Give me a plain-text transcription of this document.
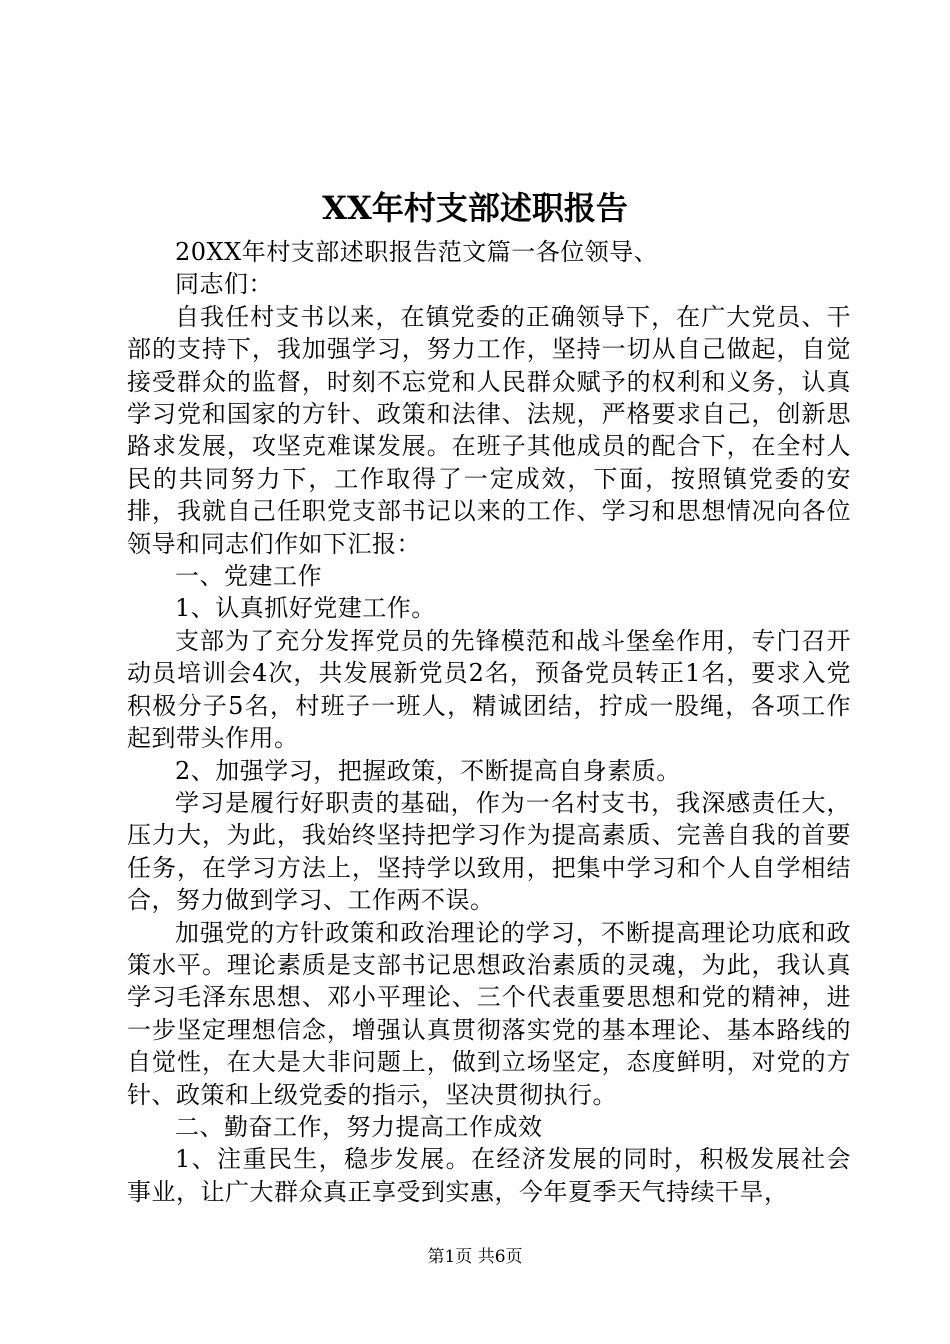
XX年村支部述职报告

20XX年村支部述职报告范文篇一各位领导、

同志们：

自我任村支书以来，在镇党委的正确领导下，在广大党员、干部的支持下，我加强学习，努力工作，坚持一切从自己做起，自觉接受群众的监督，时刻不忘党和人民群众赋予的权利和义务，认真学习党和国家的方针、政策和法律、法规，严格要求自己，创新思路求发展，攻坚克难谋发展。在班子其他成员的配合下，在全村人民的共同努力下，工作取得了一定成效，下面，按照镇党委的安排，我就自己任职党支部书记以来的工作、学习和思想情况向各位领导和同志们作如下汇报：

一、党建工作

1、认真抓好党建工作。

支部为了充分发挥党员的先锋模范和战斗堡垒作用，专门召开动员培训会4次，共发展新党员2名，预备党员转正1名，要求入党积极分子5名，村班子一班人，精诚团结，拧成一股绳，各项工作起到带头作用。

2、加强学习，把握政策，不断提高自身素质。

学习是履行好职责的基础，作为一名村支书，我深感责任大，压力大，为此，我始终坚持把学习作为提高素质、完善自我的首要任务，在学习方法上，坚持学以致用，把集中学习和个人自学相结合，努力做到学习、工作两不误。

加强党的方针政策和政治理论的学习，不断提高理论功底和政策水平。理论素质是支部书记思想政治素质的灵魂，为此，我认真学习毛泽东思想、邓小平理论、三个代表重要思想和党的精神，进一步坚定理想信念，增强认真贯彻落实党的基本理论、基本路线的自觉性，在大是大非问题上，做到立场坚定，态度鲜明，对党的方针、政策和上级党委的指示，坚决贯彻执行。

二、勤奋工作，努力提高工作成效

1、注重民生，稳步发展。在经济发展的同时，积极发展社会事业，让广大群众真正享受到实惠，今年夏季天气持续干旱，

第1页 共6页
